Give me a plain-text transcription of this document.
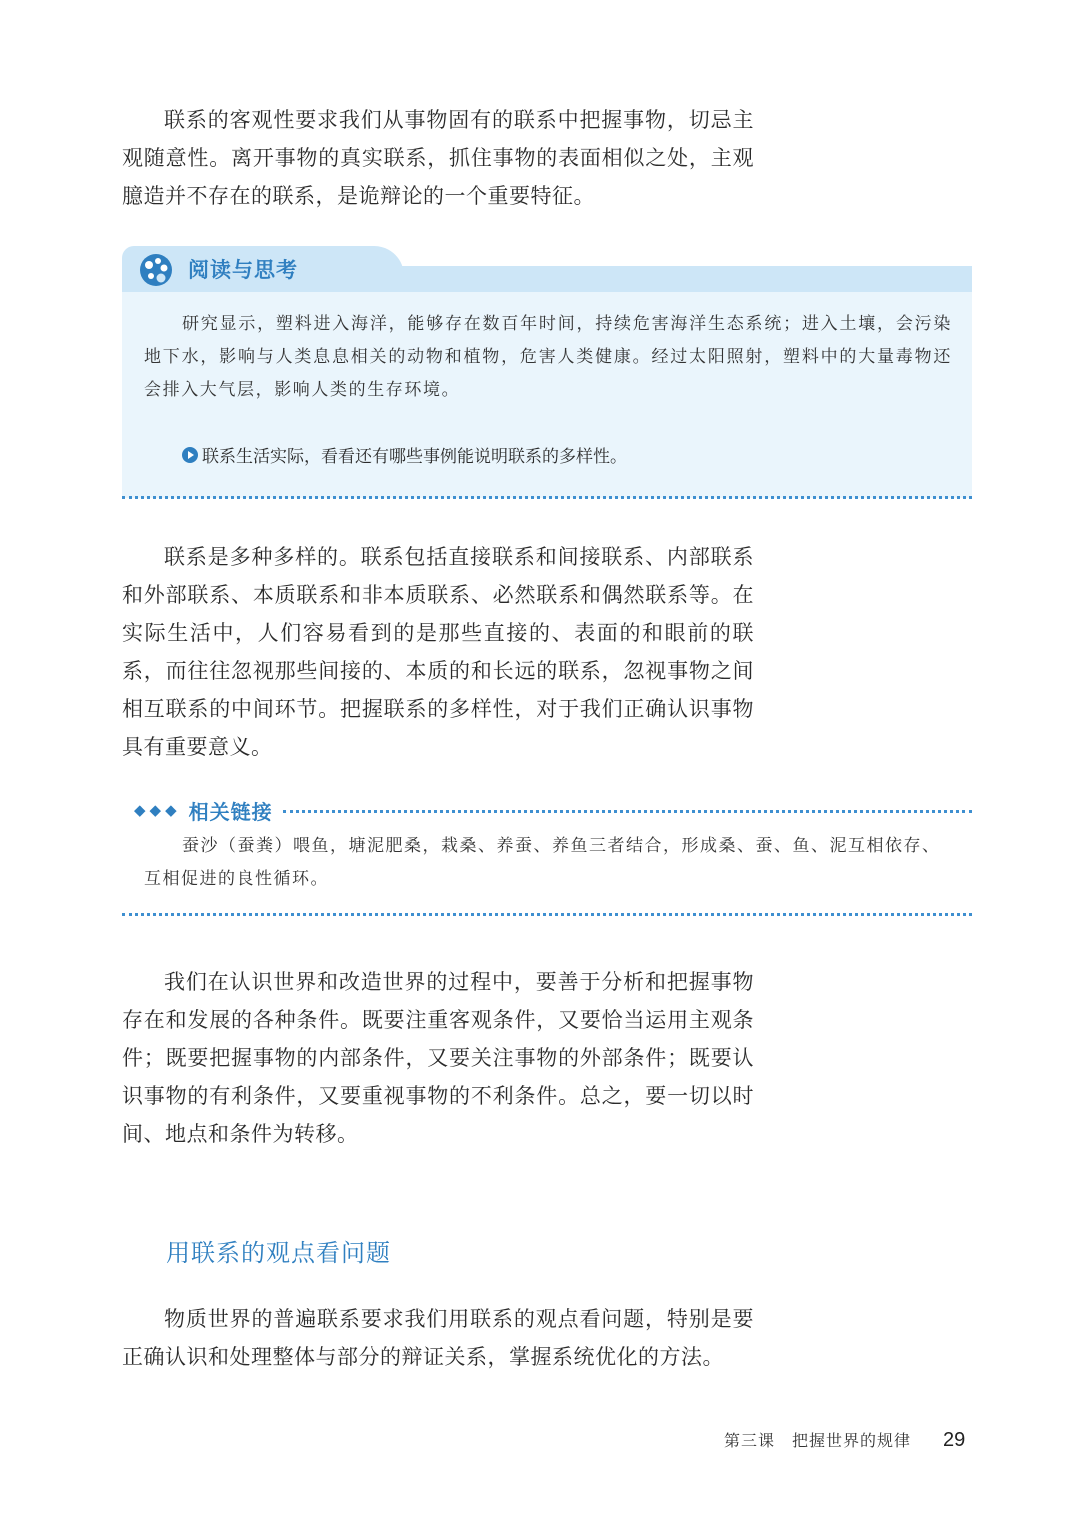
联系的客观性要求我们从事物固有的联系中把握事物，切忌主观随意性。离开事物的真实联系，抓住事物的表面相似之处，主观臆造并不存在的联系，是诡辩论的一个重要特征。

阅读与思考

研究显示，塑料进入海洋，能够存在数百年时间，持续危害海洋生态系统；进入土壤，会污染地下水，影响与人类息息相关的动物和植物，危害人类健康。经过太阳照射，塑料中的大量毒物还会排入大气层，影响人类的生存环境。

联系生活实际，看看还有哪些事例能说明联系的多样性。

联系是多种多样的。联系包括直接联系和间接联系、内部联系和外部联系、本质联系和非本质联系、必然联系和偶然联系等。在实际生活中，人们容易看到的是那些直接的、表面的和眼前的联系，而往往忽视那些间接的、本质的和长远的联系，忽视事物之间相互联系的中间环节。把握联系的多样性，对于我们正确认识事物具有重要意义。

◆◆◆ 相关链接

蚕沙（蚕粪）喂鱼，塘泥肥桑，栽桑、养蚕、养鱼三者结合，形成桑、蚕、鱼、泥互相依存、互相促进的良性循环。

我们在认识世界和改造世界的过程中，要善于分析和把握事物存在和发展的各种条件。既要注重客观条件，又要恰当运用主观条件；既要把握事物的内部条件，又要关注事物的外部条件；既要认识事物的有利条件，又要重视事物的不利条件。总之，要一切以时间、地点和条件为转移。

用联系的观点看问题

物质世界的普遍联系要求我们用联系的观点看问题，特别是要正确认识和处理整体与部分的辩证关系，掌握系统优化的方法。

第三课　把握世界的规律 29
